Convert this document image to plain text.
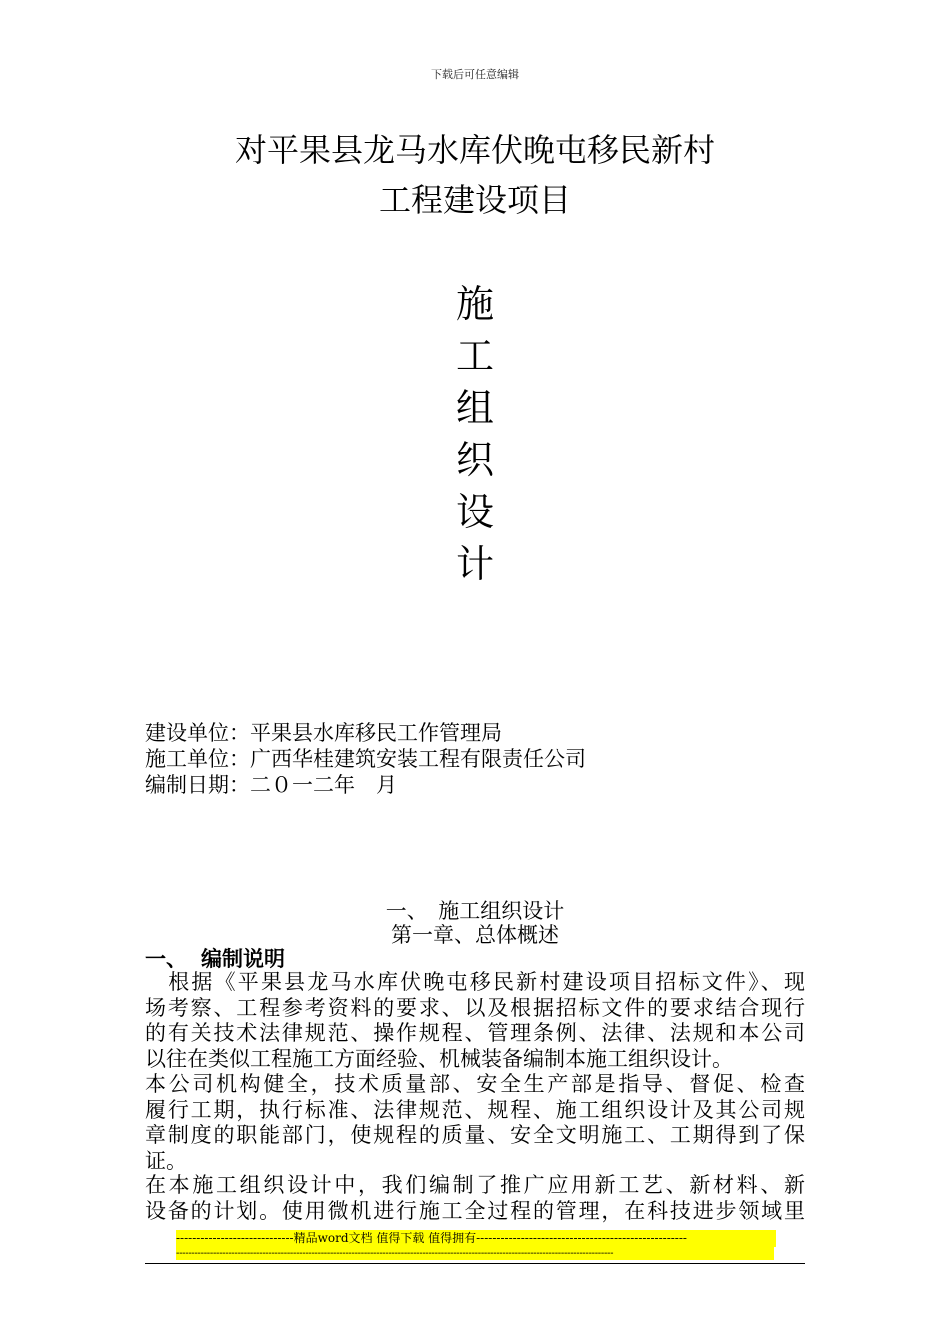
下载后可任意编辑
对平果县龙马水库伏晚屯移民新村
工程建设项目
施
工
组
织
设
计
建设单位：平果县水库移民工作管理局
施工单位：广西华桂建筑安装工程有限责任公司
编制日期：二０一二年　月
一、　施工组织设计
第一章、总体概述
一、 编制说明
　根据《平果县龙马水库伏晚屯移民新村建设项目招标文件》、现
场考察、工程参考资料的要求、以及根据招标文件的要求结合现行
的有关技术法律规范、操作规程、管理条例、法律、法规和本公司
以往在类似工程施工方面经验、机械装备编制本施工组织设计。
本公司机构健全，技术质量部、安全生产部是指导、督促、检查
履行工期，执行标准、法律规范、规程、施工组织设计及其公司规
章制度的职能部门，使规程的质量、安全文明施工、工期得到了保
证。
在本施工组织设计中，我们编制了推广应用新工艺、新材料、新
设备的计划。使用微机进行施工全过程的管理，在科技进步领域里
-----------------------------精品word文档 值得下载 值得拥有----------------------------------------------------
----------------------------------------------------------------------------------------------------------------------------------------------
